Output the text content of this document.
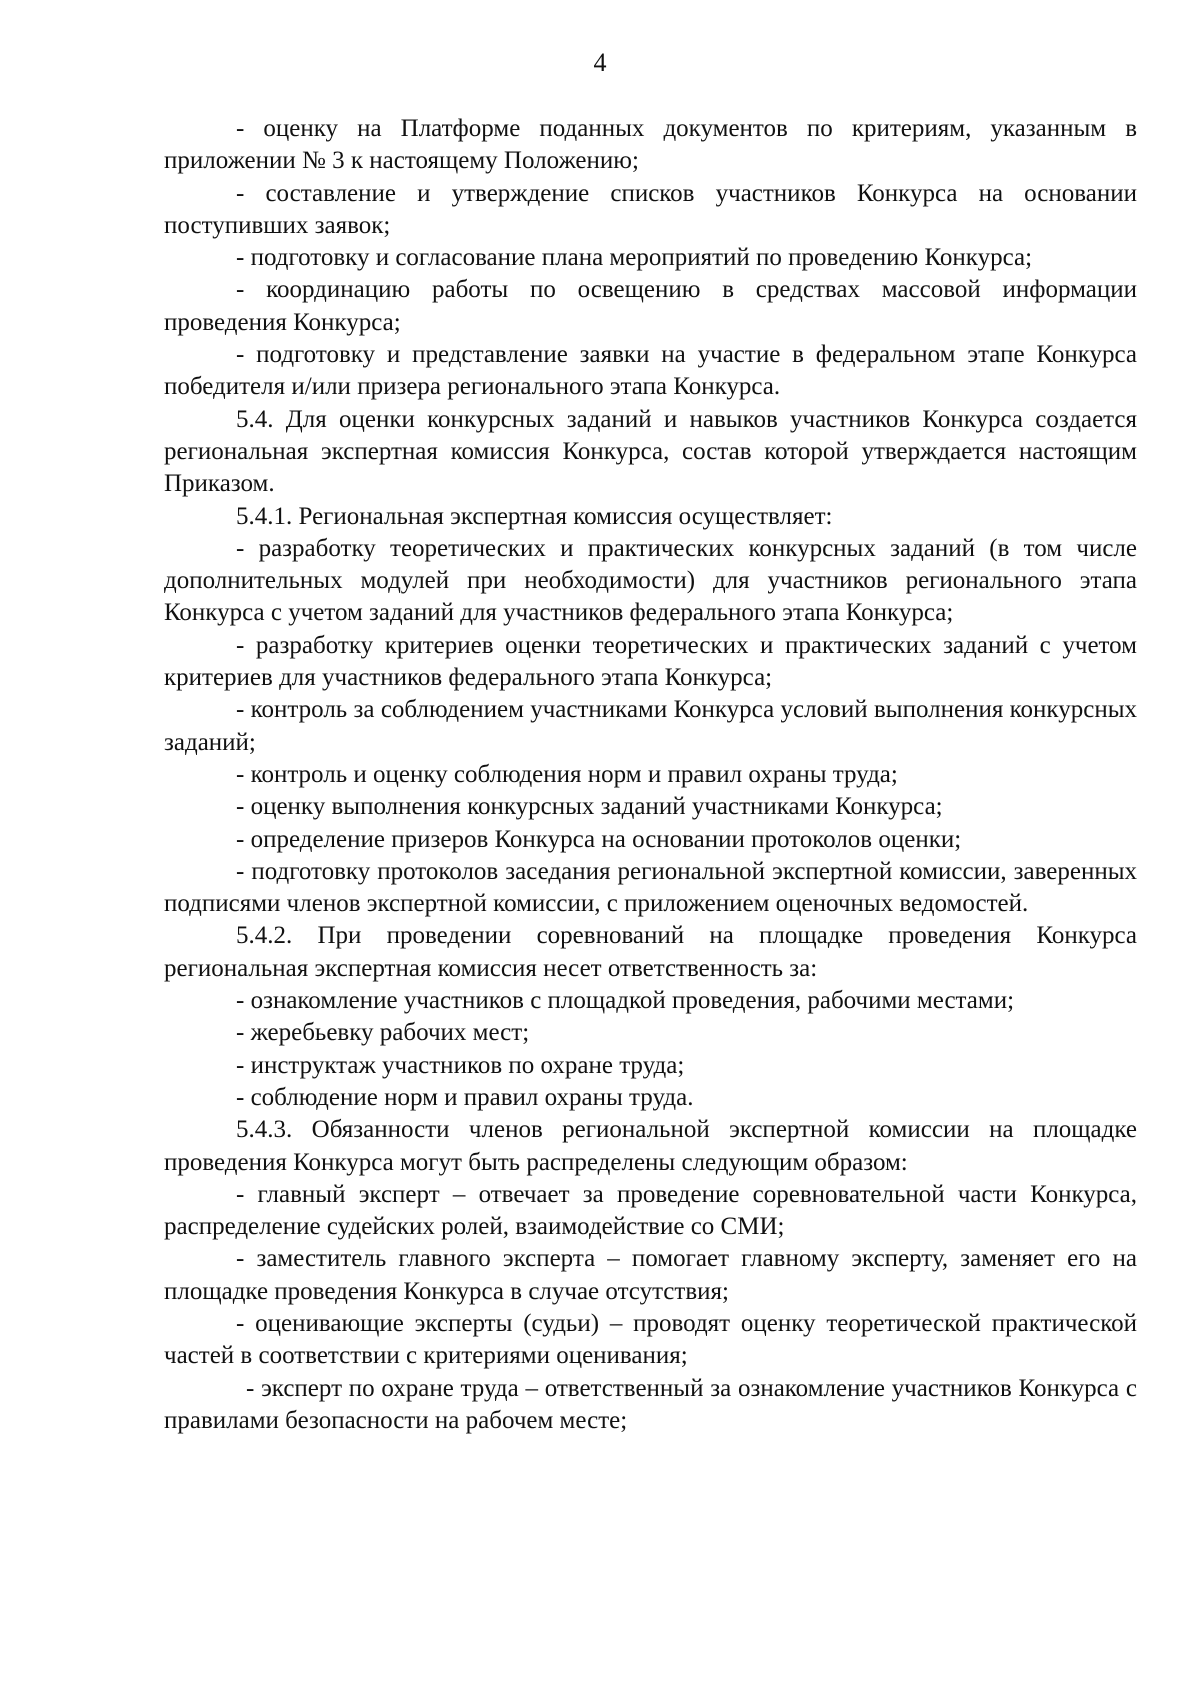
4

- оценку на Платформе поданных документов по критериям, указанным в приложении № 3 к настоящему Положению;

- составление и утверждение списков участников Конкурса на основании поступивших заявок;

- подготовку и согласование плана мероприятий по проведению Конкурса;

- координацию работы по освещению в средствах массовой информации проведения Конкурса;

- подготовку и представление заявки на участие в федеральном этапе Конкурса победителя и/или призера регионального этапа Конкурса.

5.4. Для оценки конкурсных заданий и навыков участников Конкурса создается региональная экспертная комиссия Конкурса, состав которой утверждается настоящим Приказом.

5.4.1. Региональная экспертная комиссия осуществляет:

- разработку теоретических и практических конкурсных заданий (в том числе дополнительных модулей при необходимости) для участников регионального этапа Конкурса с учетом заданий для участников федерального этапа Конкурса;

- разработку критериев оценки теоретических и практических заданий с учетом критериев для участников федерального этапа Конкурса;

- контроль за соблюдением участниками Конкурса условий выполнения конкурсных заданий;

- контроль и оценку соблюдения норм и правил охраны труда;

- оценку выполнения конкурсных заданий участниками Конкурса;

- определение призеров Конкурса на основании протоколов оценки;

- подготовку протоколов заседания региональной экспертной комиссии, заверенных подписями членов экспертной комиссии, с приложением оценочных ведомостей.

5.4.2. При проведении соревнований на площадке проведения Конкурса региональная экспертная комиссия несет ответственность за:

- ознакомление участников с площадкой проведения, рабочими местами;

- жеребьевку рабочих мест;

- инструктаж участников по охране труда;

- соблюдение норм и правил охраны труда.

5.4.3. Обязанности членов региональной экспертной комиссии на площадке проведения Конкурса могут быть распределены следующим образом:

- главный эксперт – отвечает за проведение соревновательной части Конкурса, распределение судейских ролей, взаимодействие со СМИ;

- заместитель главного эксперта – помогает главному эксперту, заменяет его на площадке проведения Конкурса в случае отсутствия;

- оценивающие эксперты (судьи) – проводят оценку теоретической практической частей в соответствии с критериями оценивания;

- эксперт по охране труда – ответственный за ознакомление участников Конкурса с правилами безопасности на рабочем месте;
